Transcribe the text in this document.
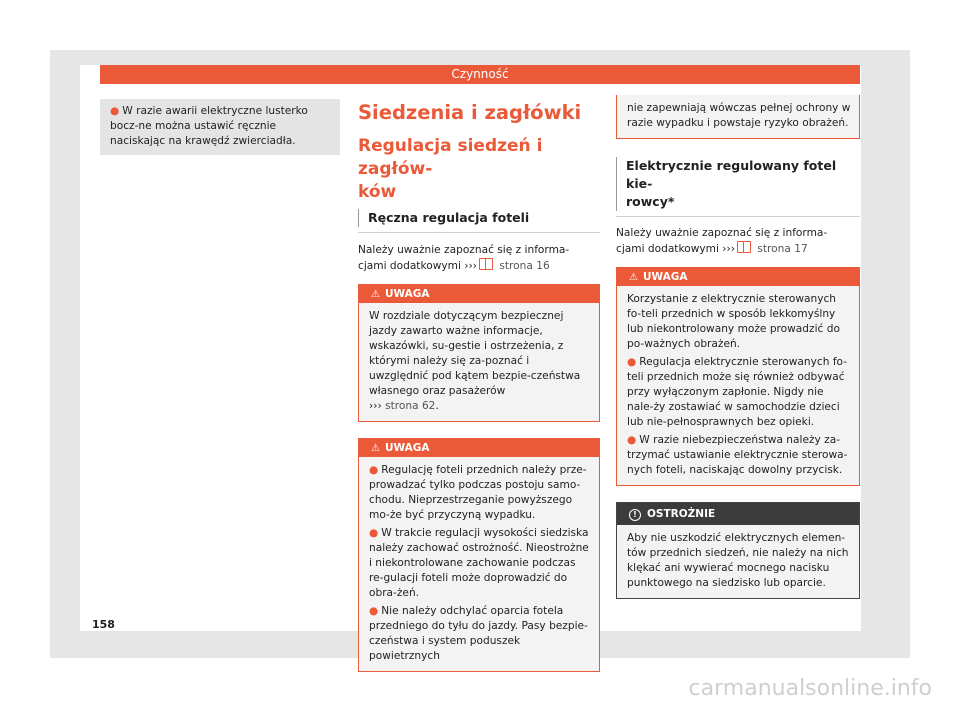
Czynność
● W razie awarii elektryczne lusterko bocz-ne można ustawić ręcznie naciskając na krawędź zwierciadła.

Siedzenia i zagłówki

Regulacja siedzeń i zagłów-

ków

Ręczna regulacja foteli

Należy uważnie zapoznać się z informa-

cjami dodatkowymi ››› strona 16

⚠ UWAGA
W rozdziale dotyczącym bezpiecznej jazdy zawarto ważne informacje, wskazówki, su-gestie i ostrzeżenia, z którymi należy się za-poznać i uwzględnić pod kątem bezpie-czeństwa własnego oraz pasażerów
››› strona 62.
⚠ UWAGA

● Regulację foteli przednich należy prze-prowadzać tylko podczas postoju samo-chodu. Nieprzestrzeganie powyższego mo-że być przyczyną wypadku.

● W trakcie regulacji wysokości siedziska należy zachować ostrożność. Nieostrożne i niekontrolowane zachowanie podczas re-gulacji foteli może doprowadzić do obra-żeń.

● Nie należy odchylać oparcia fotela przedniego do tyłu do jazdy. Pasy bezpie-czeństwa i system poduszek powietrznych

nie zapewniają wówczas pełnej ochrony w razie wypadku i powstaje ryzyko obrażeń.
Elektrycznie regulowany fotel kie-
rowcy*

Należy uważnie zapoznać się z informa-

cjami dodatkowymi ››› strona 17

⚠ UWAGA

Korzystanie z elektrycznie sterowanych fo-teli przednich w sposób lekkomyślny lub niekontrolowany może prowadzić do po-ważnych obrażeń.

● Regulacja elektrycznie sterowanych fo-teli przednich może się również odbywać przy wyłączonym zapłonie. Nigdy nie nale-ży zostawiać w samochodzie dzieci lub nie-pełnosprawnych bez opieki.

● W razie niebezpieczeństwa należy za-trzymać ustawianie elektrycznie sterowa-nych foteli, naciskając dowolny przycisk.

! OSTROŻNIE
Aby nie uszkodzić elektrycznych elemen-tów przednich siedzeń, nie należy na nich klękać ani wywierać mocnego nacisku punktowego na siedzisko lub oparcie.
158
carmanualsonline.info
